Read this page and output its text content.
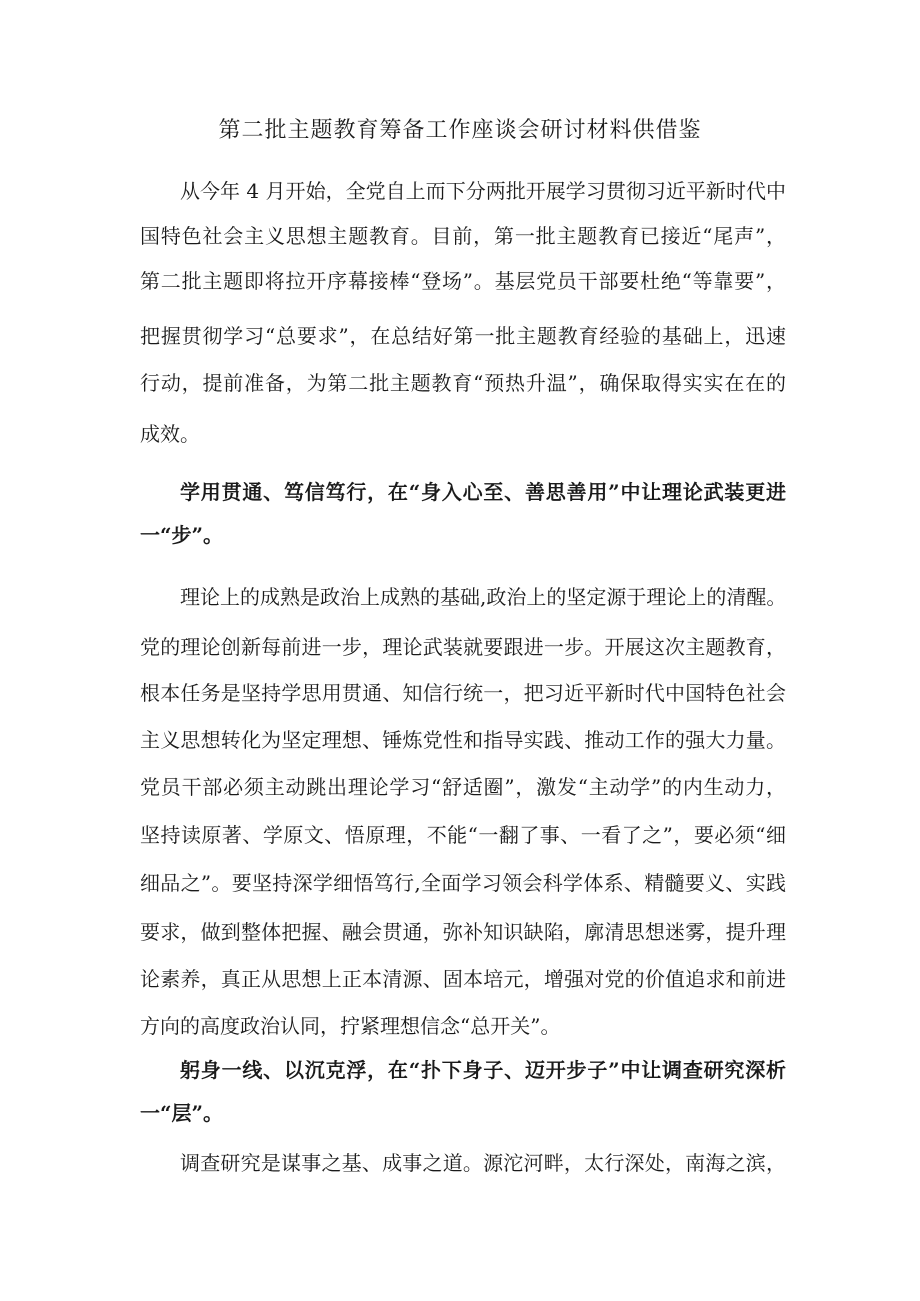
第二批主题教育筹备工作座谈会研讨材料供借鉴
从今年 4 月开始，全党自上而下分两批开展学习贯彻习近平新时代中
国特色社会主义思想主题教育。目前，第一批主题教育已接近“尾声”，
第二批主题即将拉开序幕接棒“登场”。基层党员干部要杜绝“等靠要”，
把握贯彻学习“总要求”，在总结好第一批主题教育经验的基础上，迅速
行动，提前准备，为第二批主题教育“预热升温”，确保取得实实在在的
成效。
学用贯通、笃信笃行，在“身入心至、善思善用”中让理论武装更进
一“步”。
理论上的成熟是政治上成熟的基础,政治上的坚定源于理论上的清醒。
党的理论创新每前进一步，理论武装就要跟进一步。开展这次主题教育，
根本任务是坚持学思用贯通、知信行统一，把习近平新时代中国特色社会
主义思想转化为坚定理想、锤炼党性和指导实践、推动工作的强大力量。
党员干部必须主动跳出理论学习“舒适圈”，激发“主动学”的内生动力，
坚持读原著、学原文、悟原理，不能“一翻了事、一看了之”，要必须“细
细品之”。要坚持深学细悟笃行,全面学习领会科学体系、精髓要义、实践
要求，做到整体把握、融会贯通，弥补知识缺陷，廓清思想迷雾，提升理
论素养，真正从思想上正本清源、固本培元，增强对党的价值追求和前进
方向的高度政治认同，拧紧理想信念“总开关”。
躬身一线、以沉克浮，在“扑下身子、迈开步子”中让调查研究深析
一“层”。
调查研究是谋事之基、成事之道。源沱河畔，太行深处，南海之滨，
